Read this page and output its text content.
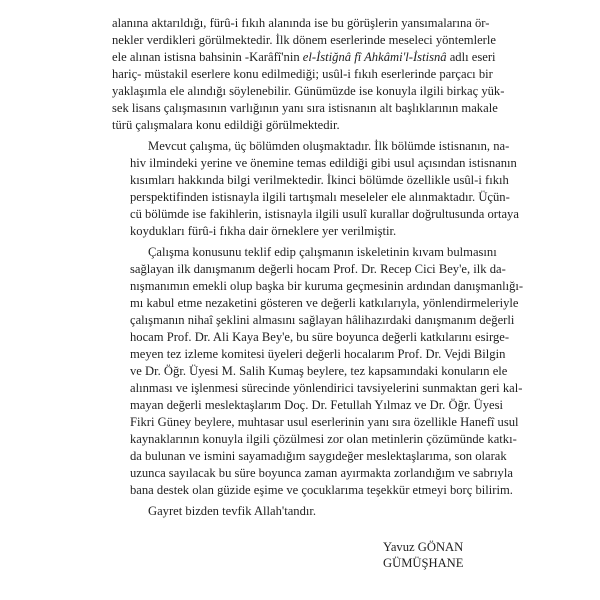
alanına aktarıldığı, fürû-i fıkıh alanında ise bu görüşlerin yansımalarına ör-
nekler verdikleri görülmektedir. İlk dönem eserlerinde meseleci yöntemlerle
ele alınan istisna bahsinin -Karâfî'nin el-İstiğnâ fî Ahkâmi'l-İstisnâ adlı eseri
hariç- müstakil eserlere konu edilmediği; usûl-i fıkıh eserlerinde parçacı bir
yaklaşımla ele alındığı söylenebilir. Günümüzde ise konuyla ilgili birkaç yük-
sek lisans çalışmasının varlığının yanı sıra istisnanın alt başlıklarının makale
türü çalışmalara konu edildiği görülmektedir.

Mevcut çalışma, üç bölümden oluşmaktadır. İlk bölümde istisnanın, na-
hiv ilmindeki yerine ve önemine temas edildiği gibi usul açısından istisnanın
kısımları hakkında bilgi verilmektedir. İkinci bölümde özellikle usûl-i fıkıh
perspektifinden istisnayla ilgili tartışmalı meseleler ele alınmaktadır. Üçün-
cü bölümde ise fakihlerin, istisnayla ilgili usulî kurallar doğrultusunda ortaya
koydukları fürû-i fıkha dair örneklere yer verilmiştir.

Çalışma konusunu teklif edip çalışmanın iskeletinin kıvam bulmasını
sağlayan ilk danışmanım değerli hocam Prof. Dr. Recep Cici Bey'e, ilk da-
nışmanımın emekli olup başka bir kuruma geçmesinin ardından danışmanlığı-
mı kabul etme nezaketini gösteren ve değerli katkılarıyla, yönlendirmeleriyle
çalışmanın nihaî şeklini almasını sağlayan hâlihazırdaki danışmanım değerli
hocam Prof. Dr. Ali Kaya Bey'e, bu süre boyunca değerli katkılarını esirge-
meyen tez izleme komitesi üyeleri değerli hocalarım Prof. Dr. Vejdi Bilgin
ve Dr. Öğr. Üyesi M. Salih Kumaş beylere, tez kapsamındaki konuların ele
alınması ve işlenmesi sürecinde yönlendirici tavsiyelerini sunmaktan geri kal-
mayan değerli meslektaşlarım Doç. Dr. Fetullah Yılmaz ve Dr. Öğr. Üyesi
Fikri Güney beylere, muhtasar usul eserlerinin yanı sıra özellikle Hanefî usul
kaynaklarının konuyla ilgili çözülmesi zor olan metinlerin çözümünde katkı-
da bulunan ve ismini sayamadığım saygıdeğer meslektaşlarıma, son olarak
uzunca sayılacak bu süre boyunca zaman ayırmakta zorlandığım ve sabrıyla
bana destek olan güzide eşime ve çocuklarıma teşekkür etmeyi borç bilirim.

Gayret bizden tevfik Allah'tandır.

Yavuz GÖNAN
GÜMÜŞHANE
